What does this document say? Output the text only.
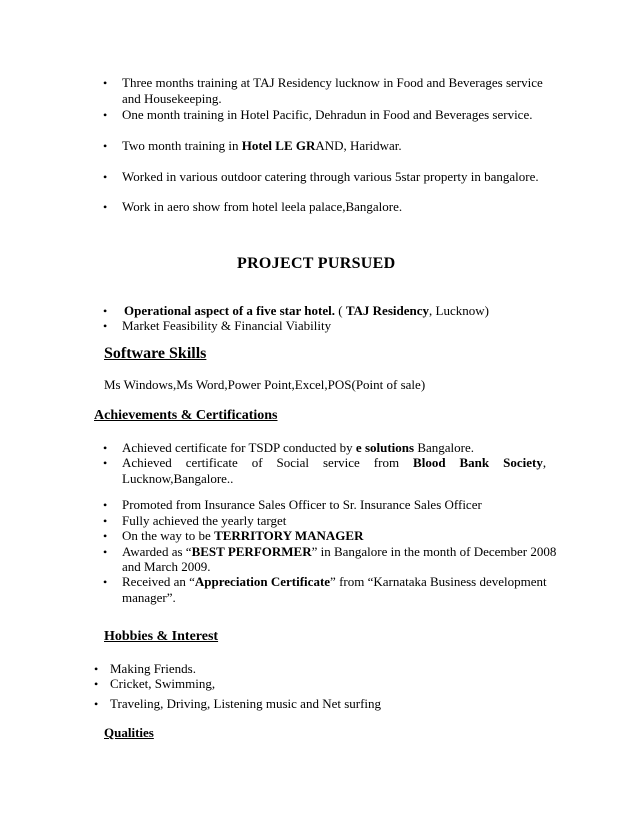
• Three months training at TAJ Residency lucknow in Food and Beverages service
and Housekeeping.
• One month training in Hotel Pacific, Dehradun in Food and Beverages service.
• Two month training in Hotel LE GRAND, Haridwar.
• Worked in various outdoor catering through various 5star property in bangalore.
• Work in aero show from hotel leela palace,Bangalore.
PROJECT PURSUED
• Operational aspect of a five star hotel. ( TAJ Residency, Lucknow)
• Market Feasibility & Financial Viability
Software Skills
Ms Windows,Ms Word,Power Point,Excel,POS(Point of sale)
Achievements & Certifications
• Achieved certificate for TSDP conducted by e solutions Bangalore.
• Achieved certificate of Social service from Blood Bank Society,
Lucknow,Bangalore..
• Promoted from Insurance Sales Officer to Sr. Insurance Sales Officer
• Fully achieved the yearly target
• On the way to be TERRITORY MANAGER
• Awarded as “BEST PERFORMER” in Bangalore in the month of December 2008
and March 2009.
• Received an “Appreciation Certificate” from “Karnataka Business development
manager”.
Hobbies & Interest
• Making Friends.
• Cricket, Swimming,
• Traveling, Driving, Listening music and Net surfing
Qualities
